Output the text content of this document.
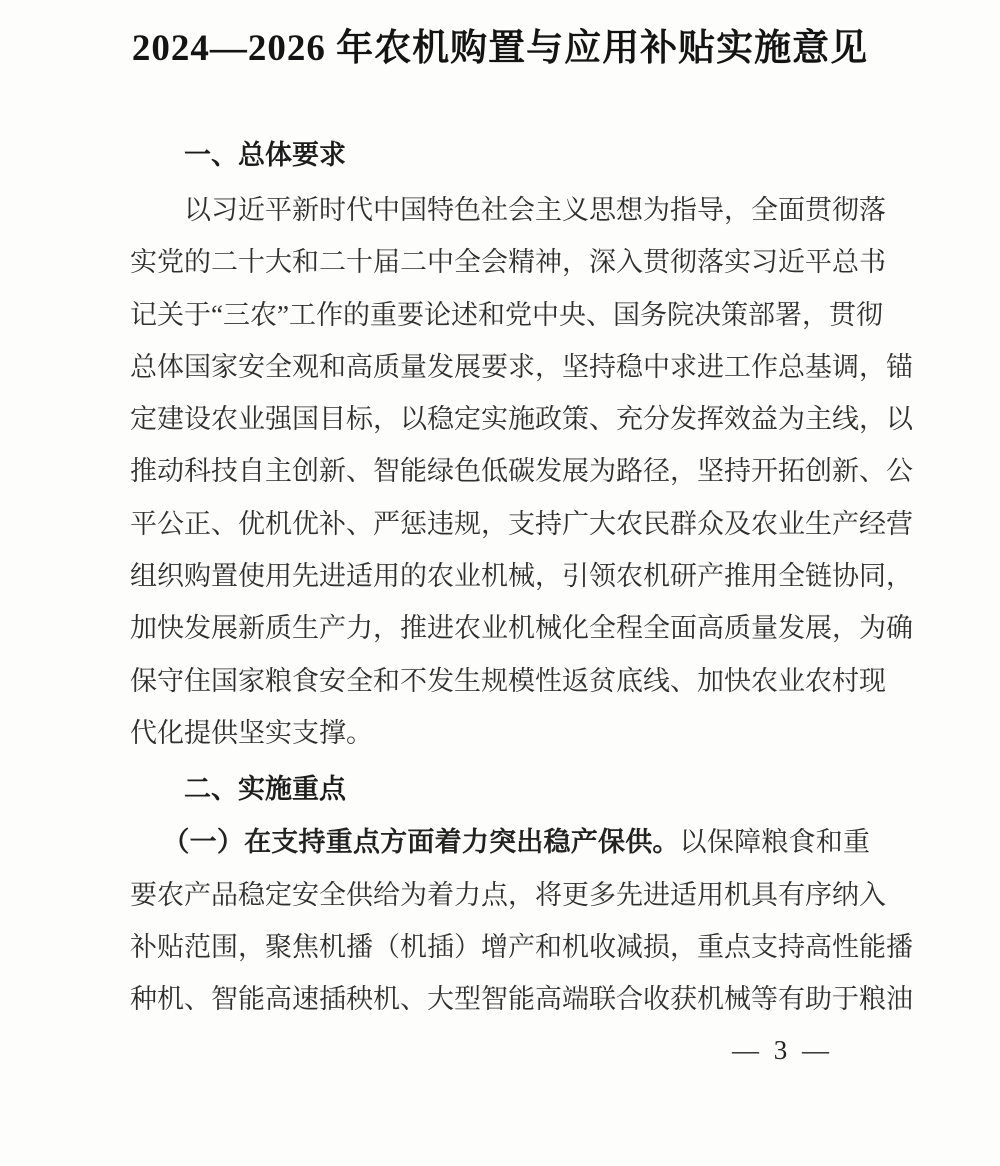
2024—2026 年农机购置与应用补贴实施意见
一、总体要求
以习近平新时代中国特色社会主义思想为指导，全面贯彻落
实党的二十大和二十届二中全会精神，深入贯彻落实习近平总书
记关于“三农”工作的重要论述和党中央、国务院决策部署，贯彻
总体国家安全观和高质量发展要求，坚持稳中求进工作总基调，锚
定建设农业强国目标，以稳定实施政策、充分发挥效益为主线，以
推动科技自主创新、智能绿色低碳发展为路径，坚持开拓创新、公
平公正、优机优补、严惩违规，支持广大农民群众及农业生产经营
组织购置使用先进适用的农业机械，引领农机研产推用全链协同，
加快发展新质生产力，推进农业机械化全程全面高质量发展，为确
保守住国家粮食安全和不发生规模性返贫底线、加快农业农村现
代化提供坚实支撑。
二、实施重点
（一）在支持重点方面着力突出稳产保供。以保障粮食和重
要农产品稳定安全供给为着力点，将更多先进适用机具有序纳入
补贴范围，聚焦机播（机插）增产和机收减损，重点支持高性能播
种机、智能高速插秧机、大型智能高端联合收获机械等有助于粮油
— 3 —
